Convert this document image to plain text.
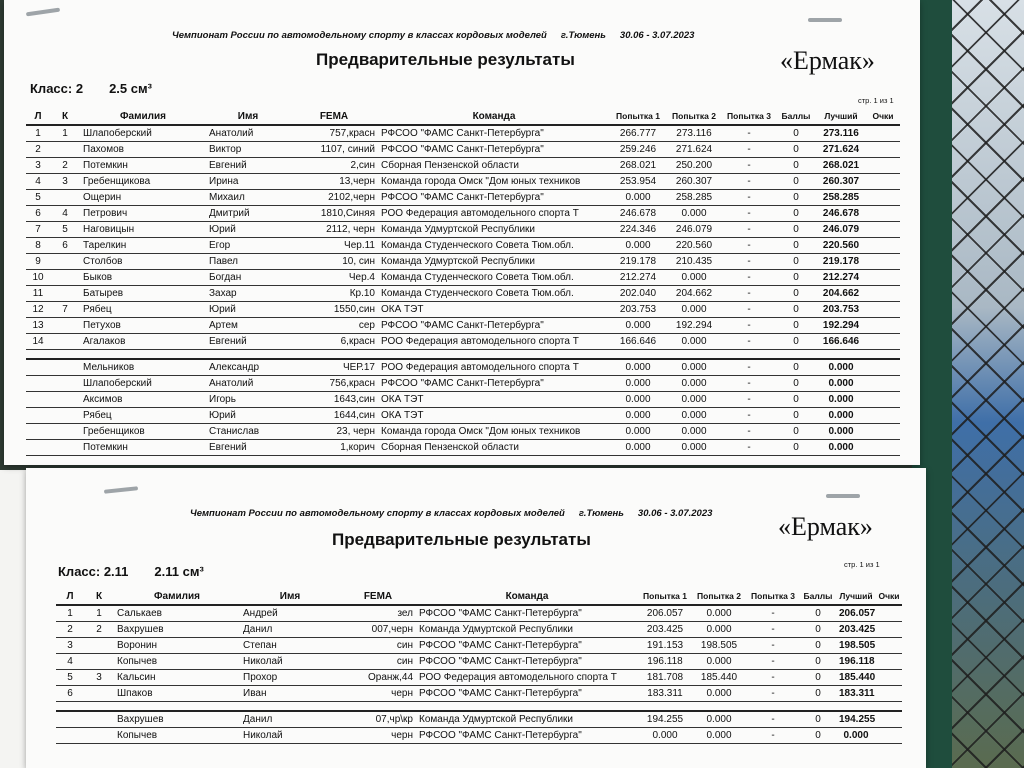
Чемпионат России по автомодельному спорту в классах кордовых моделей г.Тюмень 30.06 - 3.07.2023
Предварительные результаты	«Ермак»
Класс: 2 2.5 см³
стр. 1 из 1
Л	К	Фамилия	Имя	FEMA	Команда	Попытка 1	Попытка 2	Попытка 3	Баллы	Лучший	Очки
1	1	Шлапоберский	Анатолий	757,красн	РФСОО "ФАМС Санкт-Петербурга"	266.777	273.116	-	0	273.116	
2		Пахомов	Виктор	1107, синий	РФСОО "ФАМС Санкт-Петербурга"	259.246	271.624	-	0	271.624	
3	2	Потемкин	Евгений	2,син	Сборная Пензенской области	268.021	250.200	-	0	268.021	
4	3	Гребенщикова	Ирина	13,черн	Команда города Омск "Дом юных техников	253.954	260.307	-	0	260.307	
5		Ощерин	Михаил	2102,черн	РФСОО "ФАМС Санкт-Петербурга"	0.000	258.285	-	0	258.285	
6	4	Петрович	Дмитрий	1810,Синяя	РОО Федерация автомодельного спорта Т	246.678	0.000	-	0	246.678	
7	5	Наговицын	Юрий	2112, черн	Команда Удмуртской Республики	224.346	246.079	-	0	246.079	
8	6	Тарелкин	Егор	Чер.11	Команда Студенческого Совета Тюм.обл.	0.000	220.560	-	0	220.560	
9		Столбов	Павел	10, син	Команда Удмуртской Республики	219.178	210.435	-	0	219.178	
10		Быков	Богдан	Чер.4	Команда Студенческого Совета Тюм.обл.	212.274	0.000	-	0	212.274	
11		Батырев	Захар	Кр.10	Команда Студенческого Совета Тюм.обл.	202.040	204.662	-	0	204.662	
12	7	Рябец	Юрий	1550,син	ОКА ТЭТ	203.753	0.000	-	0	203.753	
13		Петухов	Артем	сер	РФСОО "ФАМС Санкт-Петербурга"	0.000	192.294	-	0	192.294	
14		Агалаков	Евгений	6,красн	РОО Федерация автомодельного спорта Т	166.646	0.000	-	0	166.646	

		Мельников	Александр	ЧЕР.17	РОО Федерация автомодельного спорта Т	0.000	0.000	-	0	0.000	
		Шлапоберский	Анатолий	756,красн	РФСОО "ФАМС Санкт-Петербурга"	0.000	0.000	-	0	0.000	
		Аксимов	Игорь	1643,син	ОКА ТЭТ	0.000	0.000	-	0	0.000	
		Рябец	Юрий	1644,син	ОКА ТЭТ	0.000	0.000	-	0	0.000	
		Гребенщиков	Станислав	23, черн	Команда города Омск "Дом юных техников	0.000	0.000	-	0	0.000	
		Потемкин	Евгений	1,корич	Сборная Пензенской области	0.000	0.000	-	0	0.000	
Чемпионат России по автомодельному спорту в классах кордовых моделей г.Тюмень 30.06 - 3.07.2023
Предварительные результаты	«Ермак»
Класс: 2.11 2.11 см³	стр. 1 из 1
Л	К	Фамилия	Имя	FEMA	Команда	Попытка 1	Попытка 2	Попытка 3	Баллы	Лучший	Очки
1	1	Салькаев	Андрей	зел	РФСОО "ФАМС Санкт-Петербурга"	206.057	0.000	-	0	206.057	
2	2	Вахрушев	Данил	007,черн	Команда Удмуртской Республики	203.425	0.000	-	0	203.425	
3		Воронин	Степан	син	РФСОО "ФАМС Санкт-Петербурга"	191.153	198.505	-	0	198.505	
4		Копычев	Николай	син	РФСОО "ФАМС Санкт-Петербурга"	196.118	0.000	-	0	196.118	
5	3	Кальсин	Прохор	Оранж,44	РОО Федерация автомодельного спорта Т	181.708	185.440	-	0	185.440	
6		Шпаков	Иван	черн	РФСОО "ФАМС Санкт-Петербурга"	183.311	0.000	-	0	183.311	

		Вахрушев	Данил	07,чр\кр	Команда Удмуртской Республики	194.255	0.000	-	0	194.255	
		Копычев	Николай	черн	РФСОО "ФАМС Санкт-Петербурга"	0.000	0.000	-	0	0.000	
